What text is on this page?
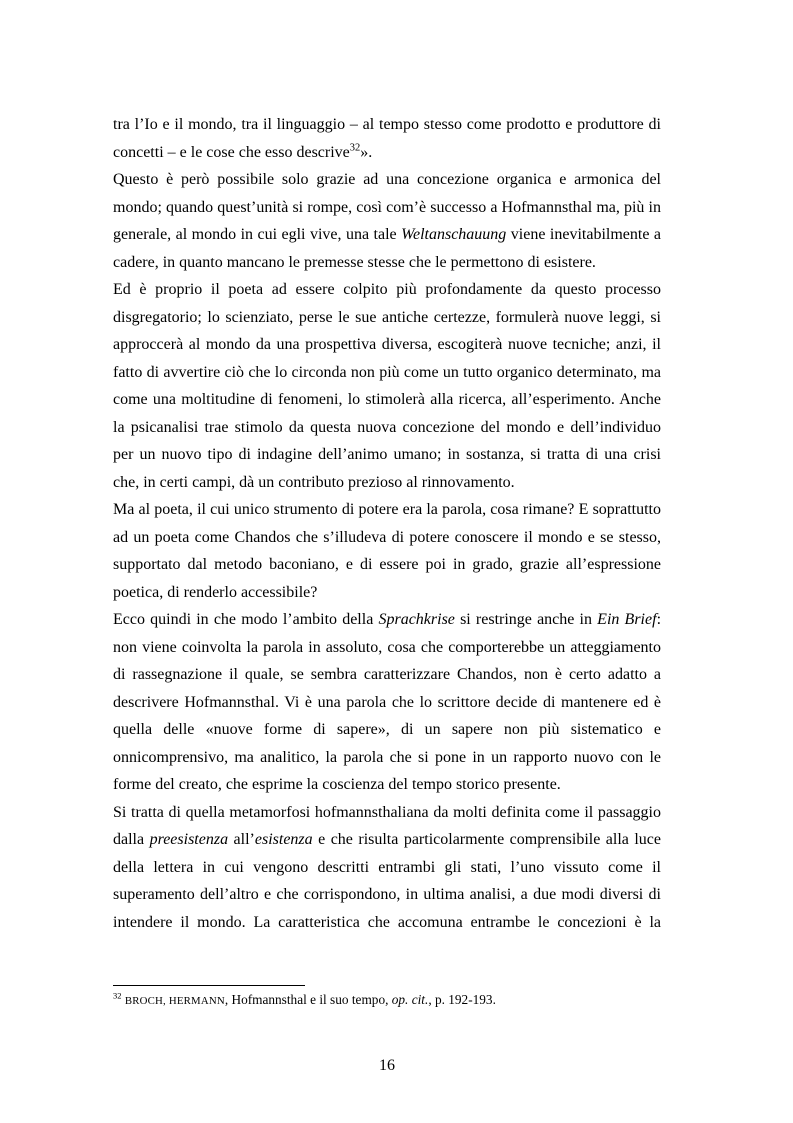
tra l’Io e il mondo, tra il linguaggio – al tempo stesso come prodotto e produttore di
concetti – e le cose che esso descrive$^{32}$».
Questo è però possibile solo grazie ad una concezione organica e armonica del
mondo; quando quest’unità si rompe, così com’è successo a Hofmannsthal ma, più in
generale, al mondo in cui egli vive, una tale Weltanschauung viene inevitabilmente a
cadere, in quanto mancano le premesse stesse che le permettono di esistere.
Ed è proprio il poeta ad essere colpito più profondamente da questo processo
disgregatorio; lo scienziato, perse le sue antiche certezze, formulerà nuove leggi, si
approccerà al mondo da una prospettiva diversa, escogiterà nuove tecniche; anzi, il
fatto di avvertire ciò che lo circonda non più come un tutto organico determinato, ma
come una moltitudine di fenomeni, lo stimolerà alla ricerca, all’esperimento. Anche
la psicanalisi trae stimolo da questa nuova concezione del mondo e dell’individuo
per un nuovo tipo di indagine dell’animo umano; in sostanza, si tratta di una crisi
che, in certi campi, dà un contributo prezioso al rinnovamento.
Ma al poeta, il cui unico strumento di potere era la parola, cosa rimane? E soprattutto
ad un poeta come Chandos che s’illudeva di potere conoscere il mondo e se stesso,
supportato dal metodo baconiano, e di essere poi in grado, grazie all’espressione
poetica, di renderlo accessibile?
Ecco quindi in che modo l’ambito della Sprachkrise si restringe anche in Ein Brief:
non viene coinvolta la parola in assoluto, cosa che comporterebbe un atteggiamento
di rassegnazione il quale, se sembra caratterizzare Chandos, non è certo adatto a
descrivere Hofmannsthal. Vi è una parola che lo scrittore decide di mantenere ed è
quella delle «nuove forme di sapere», di un sapere non più sistematico e
onnicomprensivo, ma analitico, la parola che si pone in un rapporto nuovo con le
forme del creato, che esprime la coscienza del tempo storico presente.
Si tratta di quella metamorfosi hofmannsthaliana da molti definita come il passaggio
dalla preesistenza all’esistenza e che risulta particolarmente comprensibile alla luce
della lettera in cui vengono descritti entrambi gli stati, l’uno vissuto come il
superamento dell’altro e che corrispondono, in ultima analisi, a due modi diversi di
intendere il mondo. La caratteristica che accomuna entrambe le concezioni è la
$^{32}$ BROCH, HERMANN, Hofmannsthal e il suo tempo, op. cit., p. 192-193.
16
